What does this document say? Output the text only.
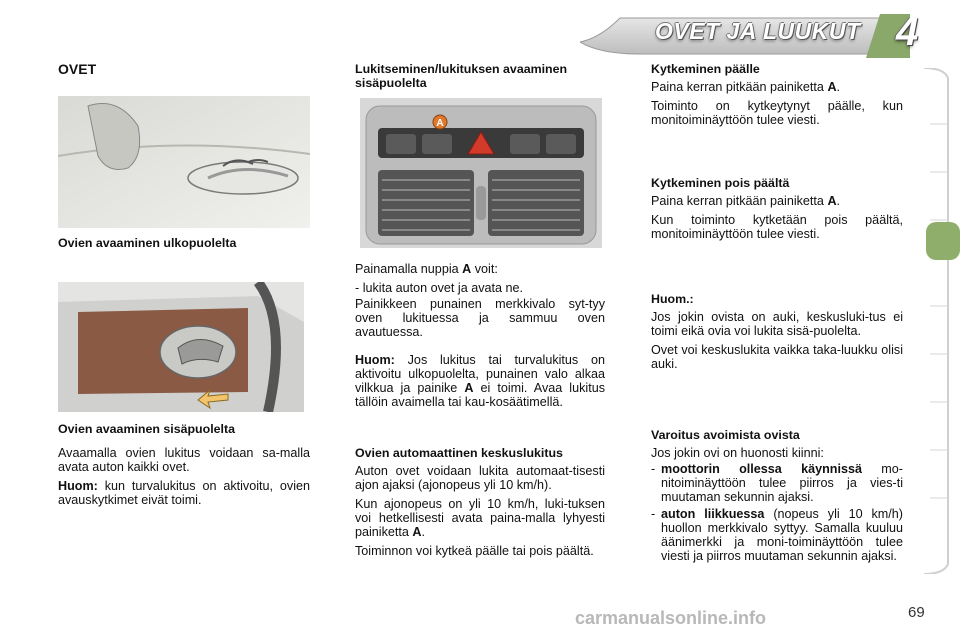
OVET JA LUUKUT 4
OVET
Ovien avaaminen ulkopuolelta
Ovien avaaminen sisäpuolelta

Avaamalla ovien lukitus voidaan sa-malla avata auton kaikki ovet.

Huom: kun turvalukitus on aktivoitu, ovien avauskytkimet eivät toimi.

Lukitseminen/lukituksen avaaminen sisäpuolelta
A

Painamalla nuppia A voit:

- lukita auton ovet ja avata ne.

Painikkeen punainen merkkivalo syt-tyy oven lukituessa ja sammuu oven avautuessa.

Huom: Jos lukitus tai turvalukitus on aktivoitu ulkopuolelta, punainen valo alkaa vilkkua ja painike A ei toimi. Avaa lukitus tällöin avaimella tai kau-kosäätimellä.

Ovien automaattinen keskuslukitus

Auton ovet voidaan lukita automaat-tisesti ajon ajaksi (ajonopeus yli 10 km/h).

Kun ajonopeus on yli 10 km/h, luki-tuksen voi hetkellisesti avata paina-malla lyhyesti painiketta A.

Toiminnon voi kytkeä päälle tai pois päältä.

Kytkeminen päälle

Paina kerran pitkään painiketta A.

Toiminto on kytkeytynyt päälle, kun monitoiminäyttöön tulee viesti.

Kytkeminen pois päältä

Paina kerran pitkään painiketta A.

Kun toiminto kytketään pois päältä, monitoiminäyttöön tulee viesti.

Huom.:

Jos jokin ovista on auki, keskusluki-tus ei toimi eikä ovia voi lukita sisä-puolelta.

Ovet voi keskuslukita vaikka taka-luukku olisi auki.

Varoitus avoimista ovista

Jos jokin ovi on huonosti kiinni:

- moottorin ollessa käynnissä mo-nitoiminäyttöön tulee piirros ja vies-ti muutaman sekunnin ajaksi.
- auton liikkuessa (nopeus yli 10 km/h) huollon merkkivalo syttyy. Samalla kuuluu äänimerkki ja moni-toiminäyttöön tulee viesti ja piirros muutaman sekunnin ajaksi.
carmanualsonline.info	69
